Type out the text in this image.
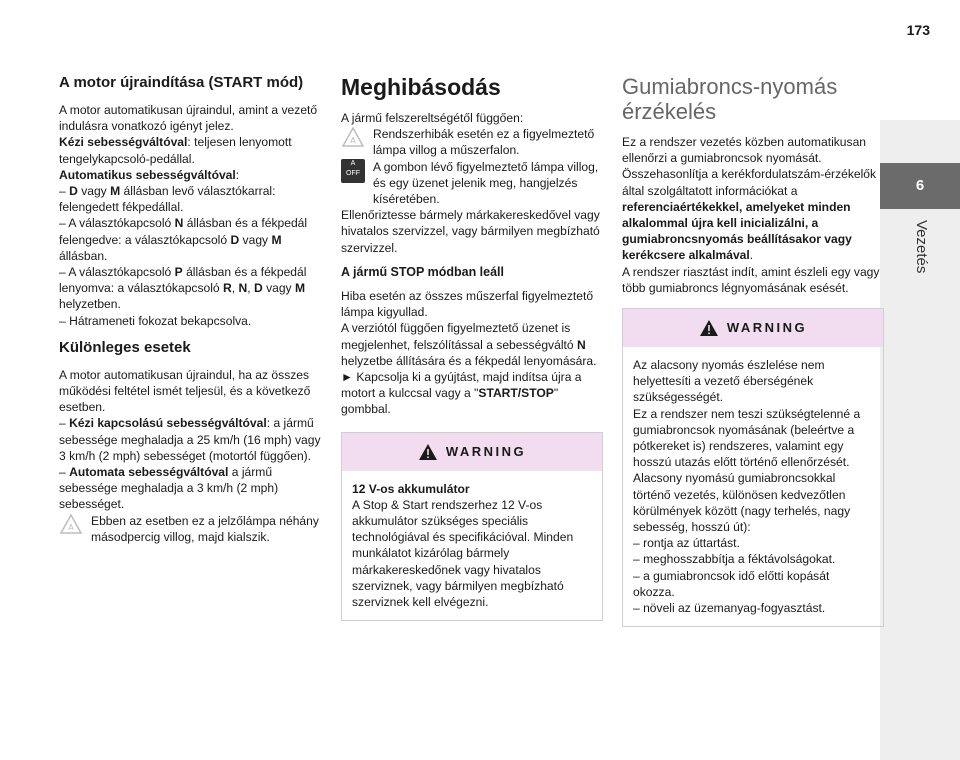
173
6
Vezetés
A motor újraindítása (START mód)

A motor automatikusan újraindul, amint a vezető indulásra vonatkozó igényt jelez.

Kézi sebességváltóval: teljesen lenyomott tengelykapcsoló-pedállal.

Automatikus sebességváltóval:

– D vagy M állásban levő választókarral: felengedett fékpedállal.

– A választókapcsoló N állásban és a fékpedál felengedve: a választókapcsoló D vagy M állásban.

– A választókapcsoló P állásban és a fékpedál lenyomva: a választókapcsoló R, N, D vagy M helyzetben.

– Hátrameneti fokozat bekapcsolva.

Különleges esetek

A motor automatikusan újraindul, ha az összes működési feltétel ismét teljesül, és a következő esetben.

– Kézi kapcsolású sebességváltóval: a jármű sebessége meghaladja a 25 km/h (16 mph) vagy 3 km/h (2 mph) sebességet (motortól függően).

– Automata sebességváltóval a jármű sebessége meghaladja a 3 km/h (2 mph) sebességet.

A Ebben az esetben ez a jelzőlámpa néhány másodpercig villog, majd kialszik.

Meghibásodás

A jármű felszereltségétől függően:

A Rendszerhibák esetén ez a figyelmeztető lámpa villog a műszerfalon.

A
OFF	A gombon lévő figyelmeztető lámpa villog, és egy üzenet jelenik meg, hangjelzés kíséretében.

Ellenőriztesse bármely márkakereskedővel vagy hivatalos szervizzel, vagy bármilyen megbízható szervizzel.

A jármű STOP módban leáll

Hiba esetén az összes műszerfal figyelmeztető lámpa kigyullad.

A verziótól függően figyelmeztető üzenet is megjelenhet, felszólítással a sebességváltó N helyzetbe állítására és a fékpedál lenyomására.

► Kapcsolja ki a gyújtást, majd indítsa újra a motort a kulccsal vagy a "START/STOP" gombbal.

WARNING

12 V-os akkumulátor

A Stop & Start rendszerhez 12 V-os akkumulátor szükséges speciális technológiával és specifikációval. Minden munkálatot kizárólag bármely márkakereskedőnek vagy hivatalos szerviznek, vagy bármilyen megbízható szerviznek kell elvégezni.

Gumiabroncs-nyomás érzékelés

Ez a rendszer vezetés közben automatikusan ellenőrzi a gumiabroncsok nyomását.

Összehasonlítja a kerékfordulatszám-érzékelők által szolgáltatott információkat a referenciaértékekkel, amelyeket minden alkalommal újra kell inicializálni, a gumiabroncsnyomás beállításakor vagy kerékcsere alkalmával.

A rendszer riasztást indít, amint észleli egy vagy több gumiabroncs légnyomásának esését.

WARNING

Az alacsony nyomás észlelése nem helyettesíti a vezető éberségének szükségességét.

Ez a rendszer nem teszi szükségtelenné a gumiabroncsok nyomásának (beleértve a pótkereket is) rendszeres, valamint egy hosszú utazás előtt történő ellenőrzését.

Alacsony nyomású gumiabroncsokkal történő vezetés, különösen kedvezőtlen körülmények között (nagy terhelés, nagy sebesség, hosszú út):

– rontja az úttartást.

– meghosszabbítja a féktávolságokat.

– a gumiabroncsok idő előtti kopását okozza.

– növeli az üzemanyag-fogyasztást.
